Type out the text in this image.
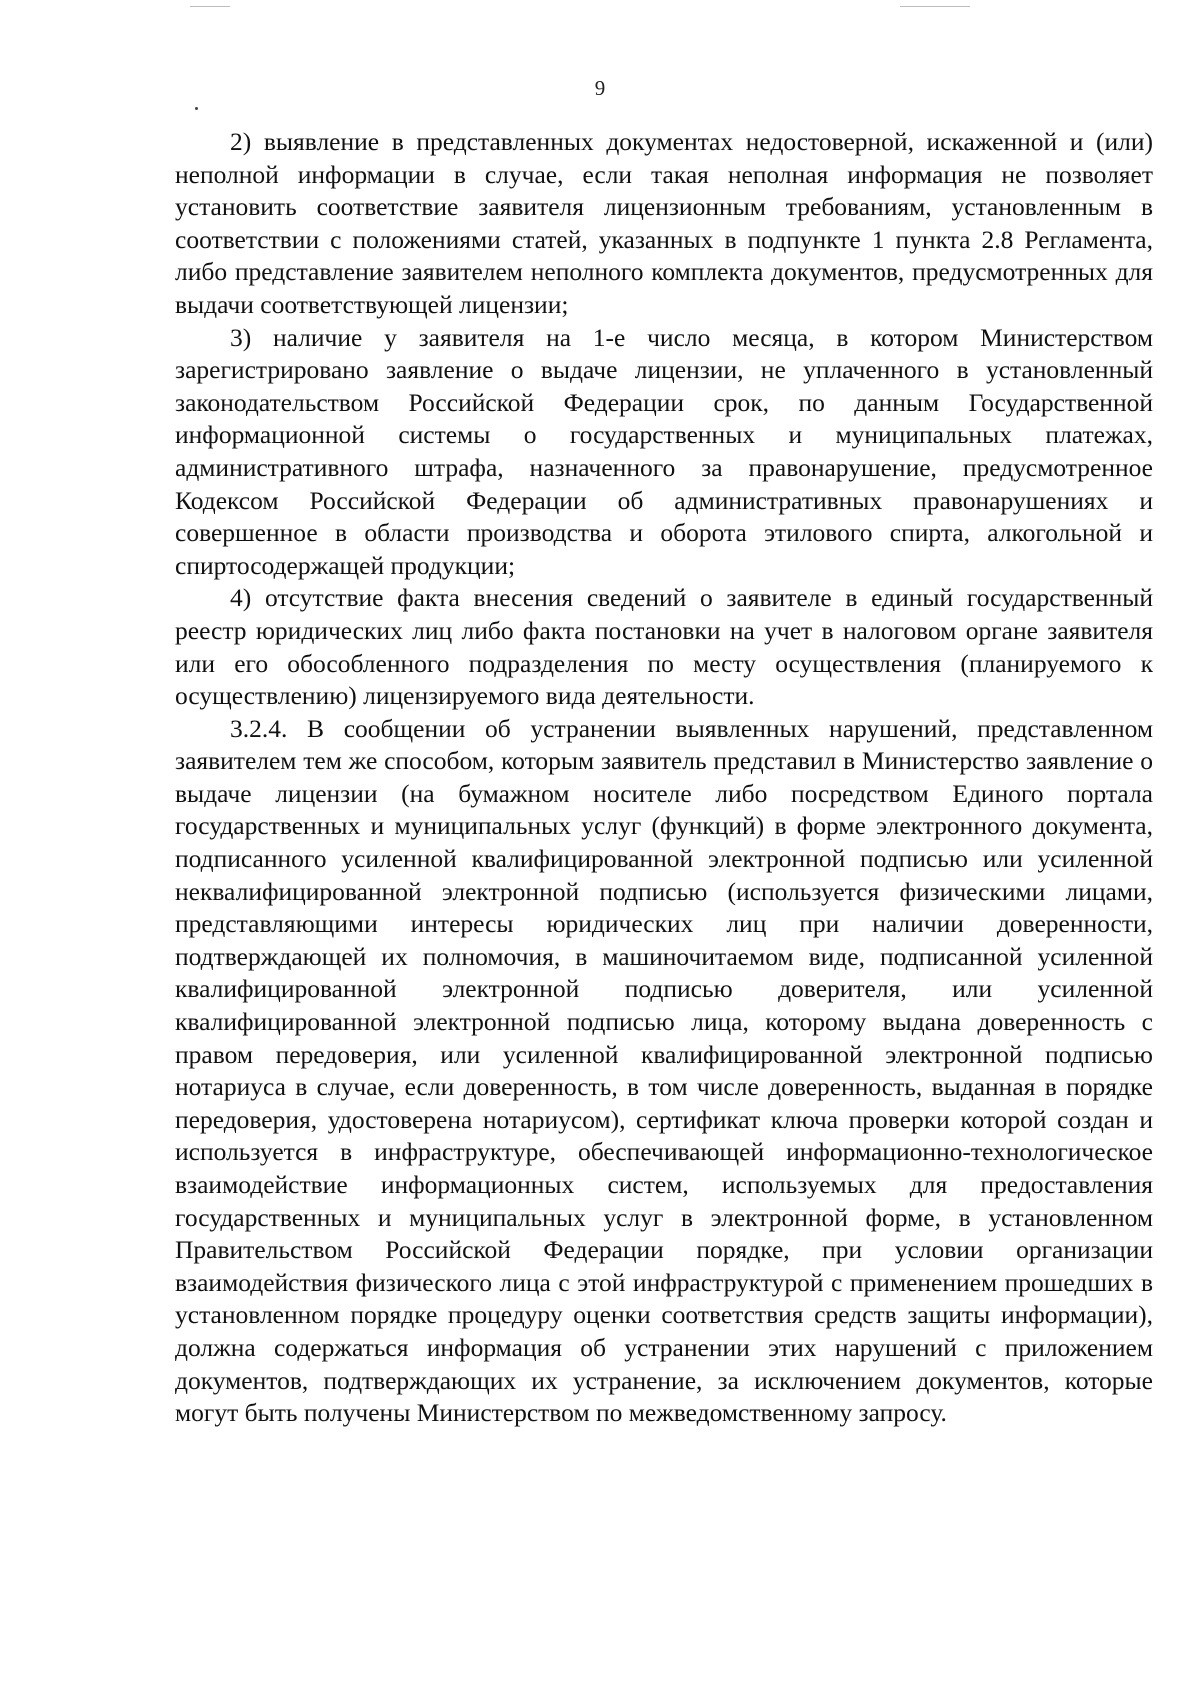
9

2) выявление в представленных документах недостоверной, искаженной и (или) неполной информации в случае, если такая неполная информация не позволяет установить соответствие заявителя лицензионным требованиям, установленным в соответствии с положениями статей, указанных в подпункте 1 пункта 2.8 Регламента, либо представление заявителем неполного комплекта документов, предусмотренных для выдачи соответствующей лицензии;

3) наличие у заявителя на 1-е число месяца, в котором Министерством зарегистрировано заявление о выдаче лицензии, не уплаченного в установленный законодательством Российской Федерации срок, по данным Государственной информационной системы о государственных и муниципальных платежах, административного штрафа, назначенного за правонарушение, предусмотренное Кодексом Российской Федерации об административных правонарушениях и совершенное в области производства и оборота этилового спирта, алкогольной и спиртосодержащей продукции;

4) отсутствие факта внесения сведений о заявителе в единый государственный реестр юридических лиц либо факта постановки на учет в налоговом органе заявителя или его обособленного подразделения по месту осуществления (планируемого к осуществлению) лицензируемого вида деятельности.

3.2.4. В сообщении об устранении выявленных нарушений, представленном заявителем тем же способом, которым заявитель представил в Министерство заявление о выдаче лицензии (на бумажном носителе либо посредством Единого портала государственных и муниципальных услуг (функций) в форме электронного документа, подписанного усиленной квалифицированной электронной подписью или усиленной неквалифицированной электронной подписью (используется физическими лицами, представляющими интересы юридических лиц при наличии доверенности, подтверждающей их полномочия, в машиночитаемом виде, подписанной усиленной квалифицированной электронной подписью доверителя, или усиленной квалифицированной электронной подписью лица, которому выдана доверенность с правом передоверия, или усиленной квалифицированной электронной подписью нотариуса в случае, если доверенность, в том числе доверенность, выданная в порядке передоверия, удостоверена нотариусом), сертификат ключа проверки которой создан и используется в инфраструктуре, обеспечивающей информационно-технологическое взаимодействие информационных систем, используемых для предоставления государственных и муниципальных услуг в электронной форме, в установленном Правительством Российской Федерации порядке, при условии организации взаимодействия физического лица с этой инфраструктурой с применением прошедших в установленном порядке процедуру оценки соответствия средств защиты информации), должна содержаться информация об устранении этих нарушений с приложением документов, подтверждающих их устранение, за исключением документов, которые могут быть получены Министерством по межведомственному запросу.
